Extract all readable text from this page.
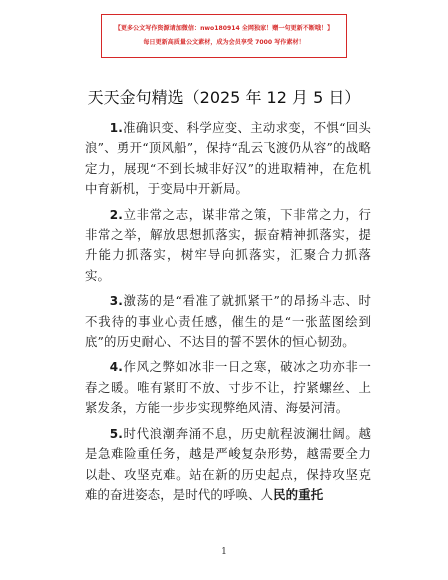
【更多公文写作资源请加微信：nwo180914 全网独家！赠一句更新不断哦！】
每日更新高质量公文素材，成为会员享受 7000 写作素材！
天天金句精选（2025 年 12 月 5 日）

1.准确识变、科学应变、主动求变，不惧“回头浪”、勇开“顶风船”，保持“乱云飞渡仍从容”的战略定力，展现“不到长城非好汉”的进取精神，在危机中育新机，于变局中开新局。

2.立非常之志，谋非常之策，下非常之力，行非常之举，解放思想抓落实，振奋精神抓落实，提升能力抓落实，树牢导向抓落实，汇聚合力抓落实。

3.激荡的是“看准了就抓紧干”的昂扬斗志、时不我待的事业心责任感，催生的是“一张蓝图绘到底”的历史耐心、不达目的誓不罢休的恒心韧劲。

4.作风之弊如冰非一日之寒，破冰之功亦非一春之暖。唯有紧盯不放、寸步不让，拧紧螺丝、上紧发条，方能一步步实现弊绝风清、海晏河清。

5.时代浪潮奔涌不息，历史航程波澜壮阔。越是急难险重任务，越是严峻复杂形势，越需要全力以赴、攻坚克难。站在新的历史起点，保持攻坚克难的奋进姿态，是时代的呼唤、人民的重托

1
